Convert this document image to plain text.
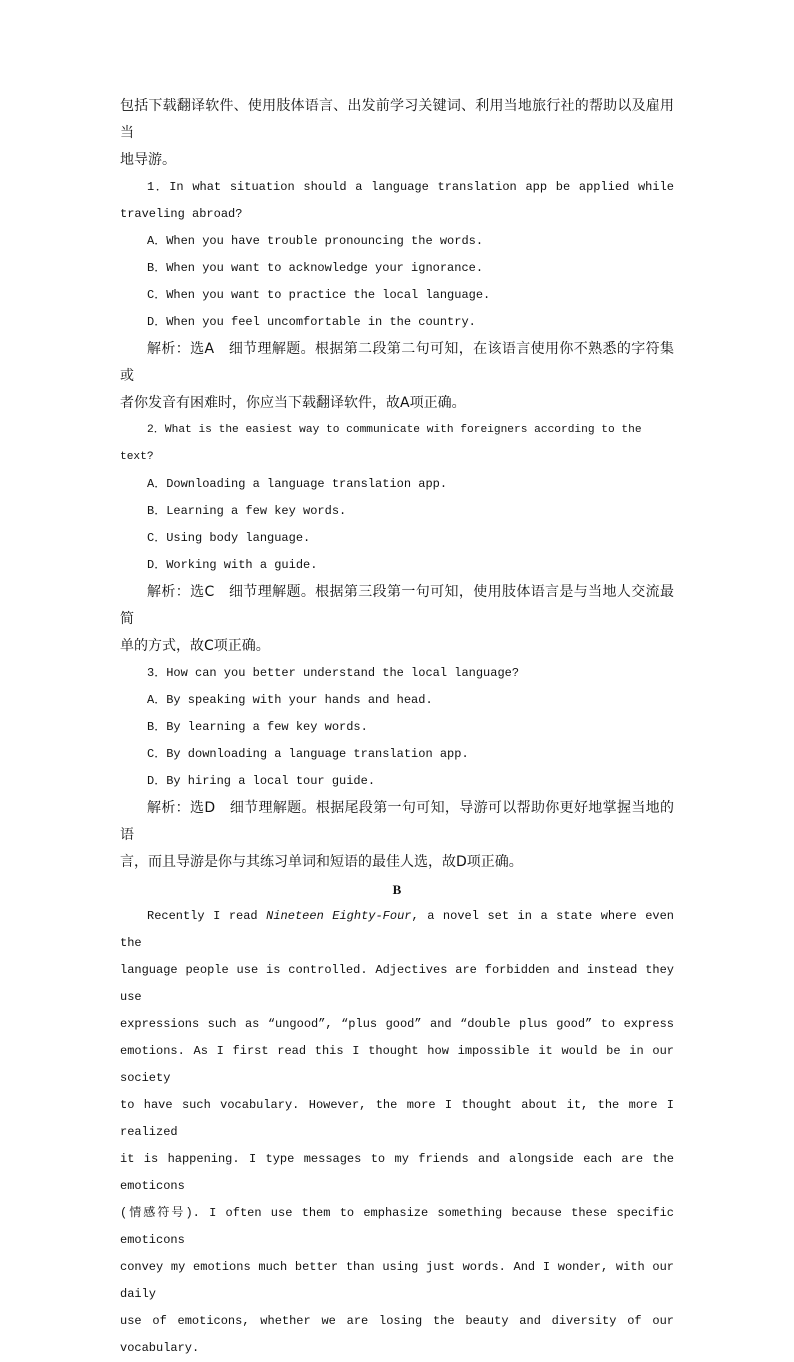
包括下载翻译软件、使用肢体语言、出发前学习关键词、利用当地旅行社的帮助以及雇用当

地导游。

1．In what situation should a language translation app be applied while

traveling abroad?

A．When you have trouble pronouncing the words.

B．When you want to acknowledge your ignorance.

C．When you want to practice the local language.

D．When you feel uncomfortable in the country.

解析：选A　细节理解题。根据第二段第二句可知，在该语言使用你不熟悉的字符集或

者你发音有困难时，你应当下载翻译软件，故A项正确。

2．What is the easiest way to communicate with foreigners according to the text?

A．Downloading a language translation app.

B．Learning a few key words.

C．Using body language.

D．Working with a guide.

解析：选C　细节理解题。根据第三段第一句可知，使用肢体语言是与当地人交流最简

单的方式，故C项正确。

3．How can you better understand the local language?

A．By speaking with your hands and head.

B．By learning a few key words.

C．By downloading a language translation app.

D．By hiring a local tour guide.

解析：选D　细节理解题。根据尾段第一句可知，导游可以帮助你更好地掌握当地的语

言，而且导游是你与其练习单词和短语的最佳人选，故D项正确。

B

Recently I read Nineteen Eighty-Four, a novel set in a state where even the

language people use is controlled. Adjectives are forbidden and instead they use

expressions such as “ungood”, “plus good” and “double plus good” to express

emotions. As I first read this I thought how impossible it would be in our society

to have such vocabulary. However, the more I thought about it, the more I realized

it is happening. I type messages to my friends and alongside each are the emoticons

(情感符号). I often use them to emphasize something because these specific emoticons

convey my emotions much better than using just words. And I wonder, with our daily

use of emoticons, whether we are losing the beauty and diversity of our vocabulary.
